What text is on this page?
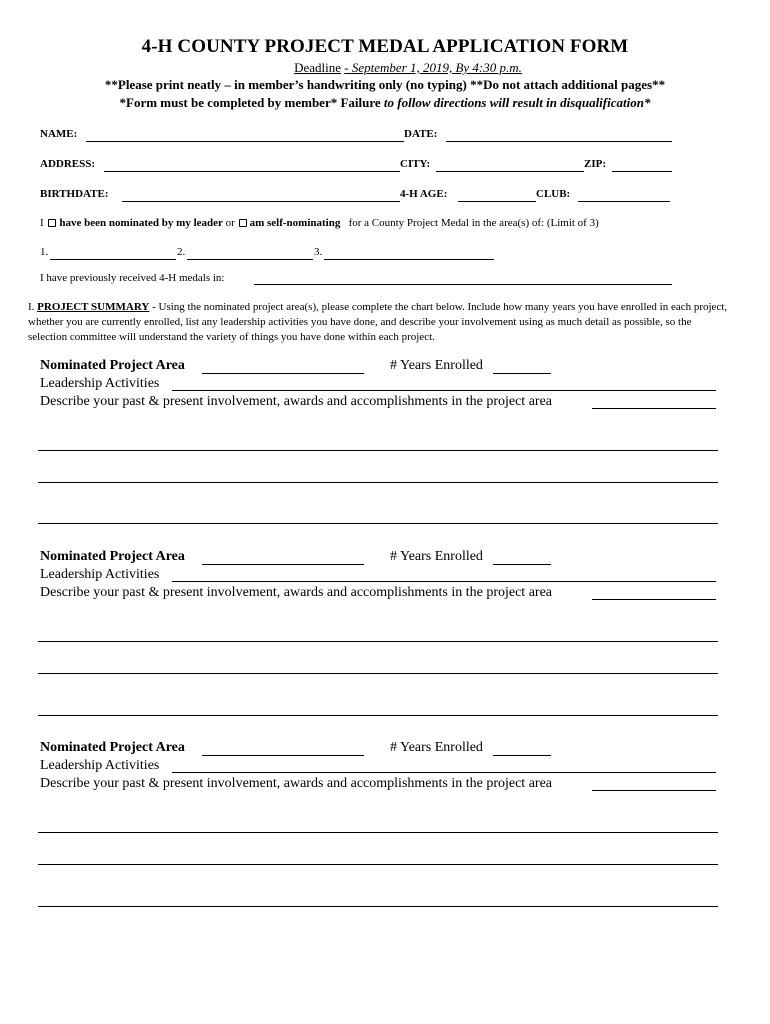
4-H COUNTY PROJECT MEDAL APPLICATION FORM
Deadline - September 1, 2019, By 4:30 p.m.
**Please print neatly – in member’s handwriting only (no typing) **Do not attach additional pages**
*Form must be completed by member* Failure to follow directions will result in disqualification*
NAME:	DATE:
ADDRESS:	CITY:	ZIP:
BIRTHDATE:	4-H AGE:	CLUB:
I have been nominated by my leader or am self-nominating for a County Project Medal in the area(s) of: (Limit of 3)
1.	2.	3.
I have previously received 4-H medals in:
I. PROJECT SUMMARY - Using the nominated project area(s), please complete the chart below. Include how many years you have enrolled in each project, whether you are currently enrolled, list any leadership activities you have done, and describe your involvement using as much detail as possible, so the selection committee will understand the variety of things you have done within each project.
Nominated Project Area	# Years Enrolled
Leadership Activities
Describe your past & present involvement, awards and accomplishments in the project area
Nominated Project Area	# Years Enrolled
Leadership Activities
Describe your past & present involvement, awards and accomplishments in the project area
Nominated Project Area	# Years Enrolled
Leadership Activities
Describe your past & present involvement, awards and accomplishments in the project area
